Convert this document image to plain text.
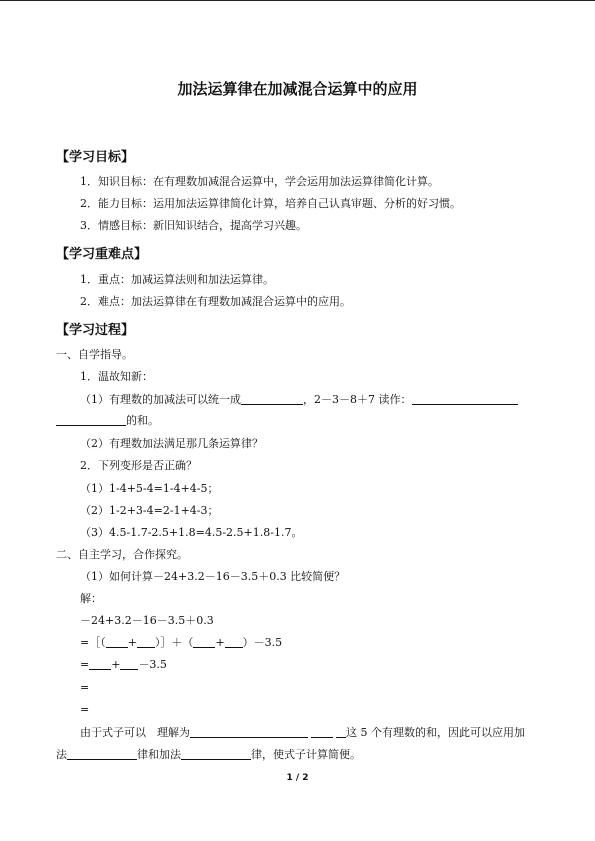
加法运算律在加减混合运算中的应用
【学习目标】
1．知识目标：在有理数加减混合运算中，学会运用加法运算律简化计算。
2．能力目标：运用加法运算律简化计算，培养自己认真审题、分析的好习惯。
3．情感目标：新旧知识结合，提高学习兴趣。
【学习重难点】
1．重点：加减运算法则和加法运算律。
2．难点：加法运算律在有理数加减混合运算中的应用。
【学习过程】
一、自学指导。
1．温故知新：
（1）有理数的加减法可以统一成	，2－3－8＋7 读作：
的和。
（2）有理数加法满足那几条运算律？
2．下列变形是否正确？
（1）1-4+5-4=1-4+4-5；
（2）1-2+3-4=2-1+4-3；
（3）4.5-1.7-2.5+1.8=4.5-2.5+1.8-1.7。
二、自主学习，合作探究。
（1）如何计算－24+3.2－16－3.5＋0.3 比较简便？
解：
－24+3.2－16－3.5＋0.3
=［（ + ）］＋（ + ）－3.5
= + －3.5
=
=
由于式子可以　理解为	这 5 个有理数的和，因此可以应用加
法	律和加法	律，使式子计算简便。
1 / 2
